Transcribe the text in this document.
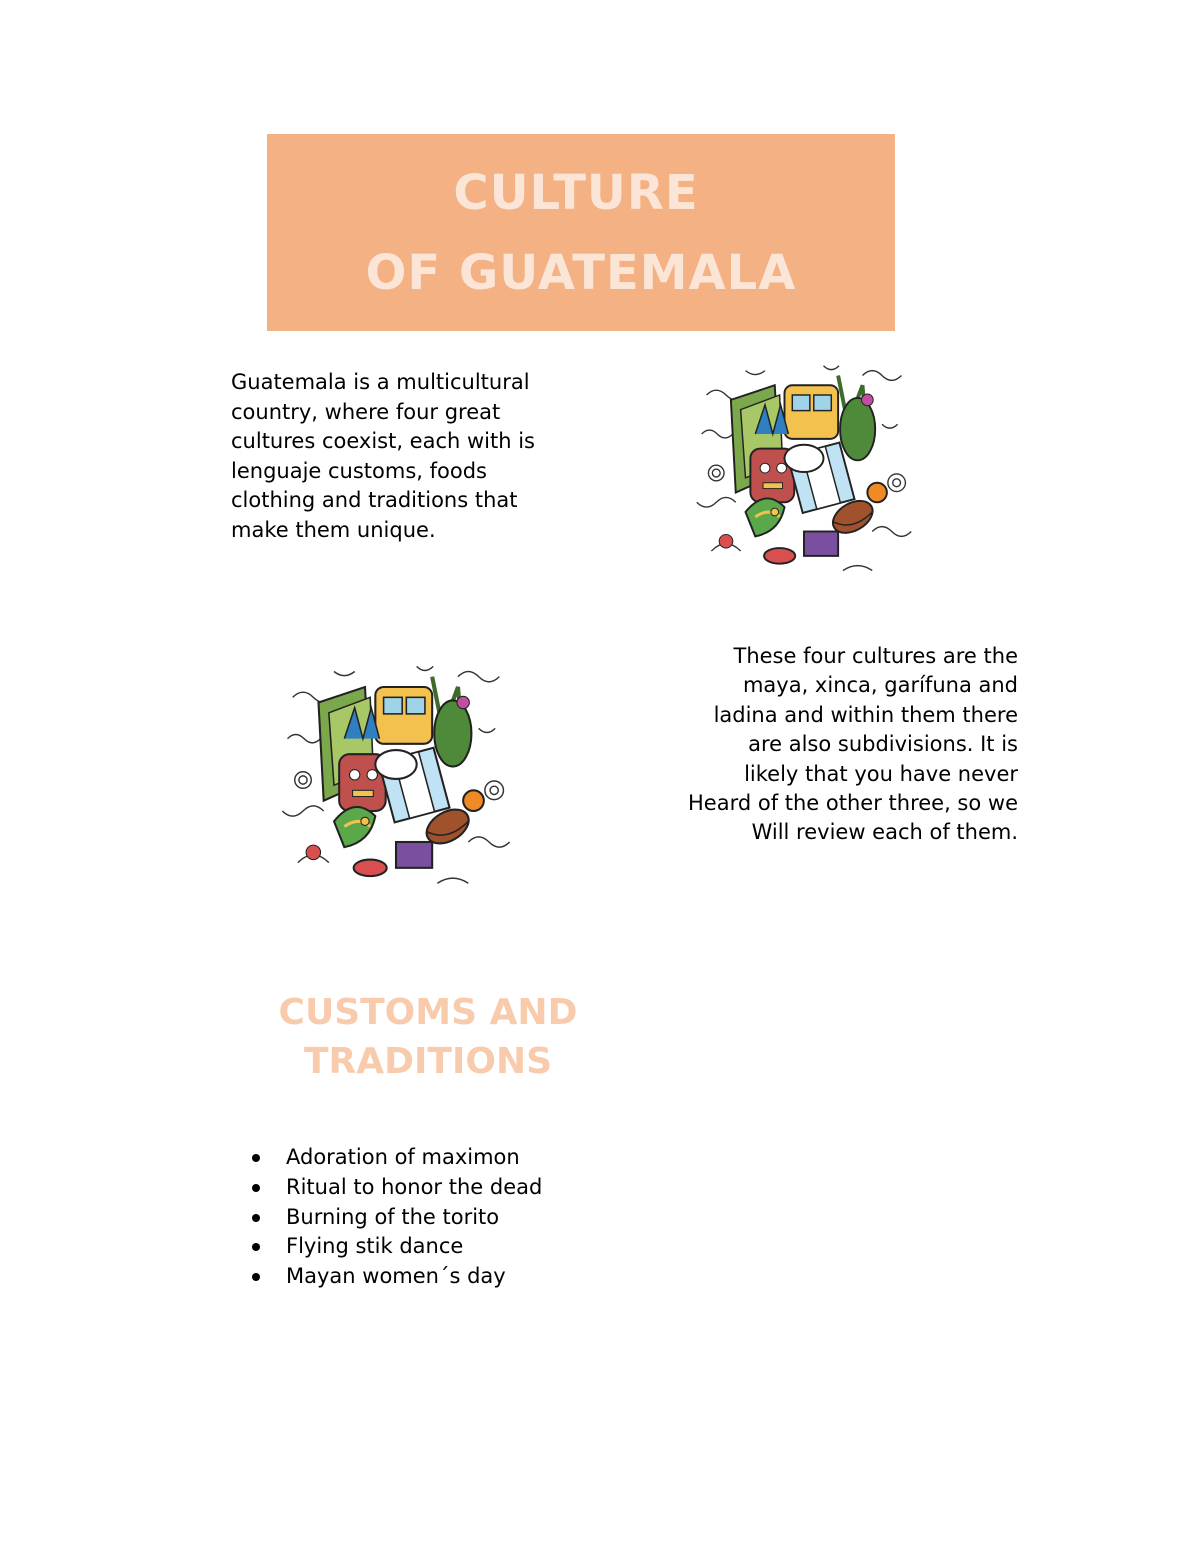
CULTURE
OF GUATEMALA

Guatemala is a multicultural
country, where four great
cultures coexist, each with is
lenguaje customs, foods
clothing and traditions that
make them unique.

These four cultures are the
maya, xinca, garífuna and
ladina and within them there
are also subdivisions. It is
likely that you have never
Heard of the other three, so we
Will review each of them.

CUSTOMS AND
TRADITIONS
Adoration of maximon
Ritual to honor the dead
Burning of the torito
Flying stik dance
Mayan women´s day
